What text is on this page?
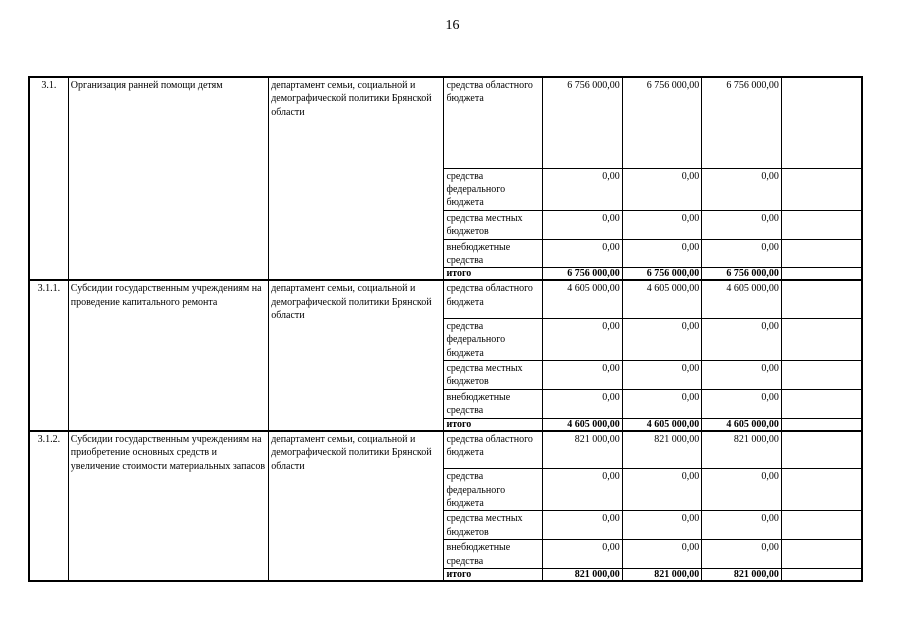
16
3.1.	Организация ранней помощи детям	департамент семьи, социальной и демографической политики Брянской области	средства областного бюджета	6 756 000,00	6 756 000,00	6 756 000,00	
			средства федерального бюджета	0,00	0,00	0,00	
			средства местных бюджетов	0,00	0,00	0,00	
			внебюджетные средства	0,00	0,00	0,00	
			итого	6 756 000,00	6 756 000,00	6 756 000,00	
3.1.1.	Субсидии государственным учреждениям на проведение капитального ремонта	департамент семьи, социальной и демографической политики Брянской области	средства областного бюджета	4 605 000,00	4 605 000,00	4 605 000,00	
			средства федерального бюджета	0,00	0,00	0,00	
			средства местных бюджетов	0,00	0,00	0,00	
			внебюджетные средства	0,00	0,00	0,00	
			итого	4 605 000,00	4 605 000,00	4 605 000,00	
3.1.2.	Субсидии государственным учреждениям на приобретение основных средств и увеличение стоимости материальных запасов	департамент семьи, социальной и демографической политики Брянской области	средства областного бюджета	821 000,00	821 000,00	821 000,00	
			средства федерального бюджета	0,00	0,00	0,00	
			средства местных бюджетов	0,00	0,00	0,00	
			внебюджетные средства	0,00	0,00	0,00	
			итого	821 000,00	821 000,00	821 000,00	
